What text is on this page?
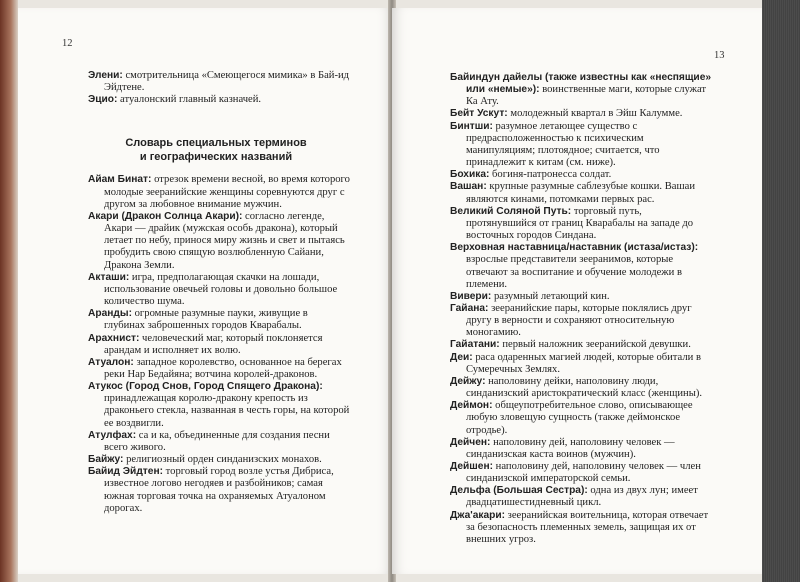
12
Элени: смотрительница «Смеющегося мимика» в Бай-ид Эйдтене.
Эцио: атуалонский главный казначей.
Словарь специальных терминов
и географических названий
Айам Бинат: отрезок времени весной, во время которого молодые зееранийские женщины соревнуются друг с другом за любовное внимание мужчин.
Акари (Дракон Солнца Акари): согласно легенде, Акари — драйик (мужская особь дракона), который летает по небу, принося миру жизнь и свет и пытаясь пробудить свою спящую возлюбленную Сайани, Дракона Земли.
Акташи: игра, предполагающая скачки на лошади, использование овечьей головы и довольно большое количество шума.
Аранды: огромные разумные пауки, живущие в глубинах заброшенных городов Кварабалы.
Арахнист: человеческий маг, который поклоняется арандам и исполняет их волю.
Атуалон: западное королевство, основанное на берегах реки Нар Бедайяна; вотчина королей-драконов.
Атукос (Город Снов, Город Спящего Дракона): принадлежащая королю-дракону крепость из драконьего стекла, названная в честь горы, на которой ее воздвигли.
Атулфах: са и ка, объединенные для создания песни всего живого.
Байжу: религиозный орден синданизских монахов.
Байид Эйдтен: торговый город возле устья Дибриса, известное логово негодяев и разбойников; самая южная торговая точка на охраняемых Атуалоном дорогах.
13
Байиндун дайелы (также известны как «неспящие» или «немые»): воинственные маги, которые служат Ка Ату.
Бейт Ускут: молодежный квартал в Эйш Калумме.
Бинтши: разумное летающее существо с предрасположенностью к психическим манипуляциям; плотоядное; считается, что принадлежит к китам (см. ниже).
Бохика: богиня-патронесса солдат.
Вашан: крупные разумные саблезубые кошки. Вашаи являются кинами, потомками первых рас.
Великий Соляной Путь: торговый путь, протянувшийся от границ Кварабалы на западе до восточных городов Синдана.
Верховная наставница/наставник (истаза/истаз): взрослые представители зееранимов, которые отвечают за воспитание и обучение молодежи в племени.
Вивери: разумный летающий кин.
Гайана: зееранийские пары, которые поклялись друг другу в верности и сохраняют относительную моногамию.
Гайатани: первый наложник зееранийской девушки.
Деи: раса одаренных магией людей, которые обитали в Сумеречных Землях.
Дейжу: наполовину дейки, наполовину люди, синданизский аристократический класс (женщины).
Деймон: общеупотребительное слово, описывающее любую зловещую сущность (также деймонское отродье).
Дейчен: наполовину дей, наполовину человек — синданизская каста воинов (мужчин).
Дейшен: наполовину дей, наполовину человек — член синданизской императорской семьи.
Дельфа (Большая Сестра): одна из двух лун; имеет двадцатишестидневный цикл.
Джа'акари: зееранийская воительница, которая отвечает за безопасность племенных земель, защищая их от внешних угроз.
